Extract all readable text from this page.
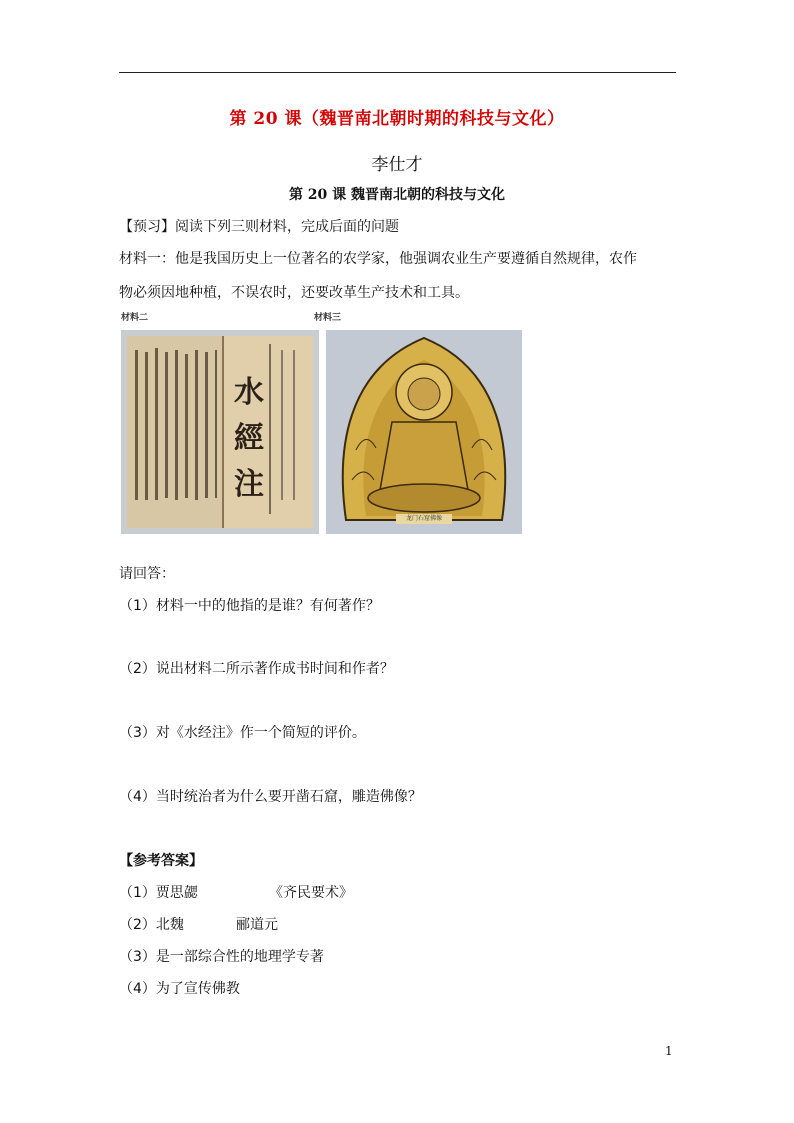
第 20 课（魏晋南北朝时期的科技与文化）
李仕才
第 20 课 魏晋南北朝的科技与文化
【预习】阅读下列三则材料，完成后面的问题
材料一：他是我国历史上一位著名的农学家，他强调农业生产要遵循自然规律，农作
物必须因地种植，不误农时，还要改革生产技术和工具。
材料二
水
經
注
材料三
龙门石窟佛像
请回答：
（1）材料一中的他指的是谁？有何著作？
（2）说出材料二所示著作成书时间和作者？
（3）对《水经注》作一个简短的评价。
（4）当时统治者为什么要开凿石窟，雕造佛像？
【参考答案】
（1）贾思勰	《齐民要术》
（2）北魏	郦道元
（3）是一部综合性的地理学专著
（4）为了宣传佛教
1
